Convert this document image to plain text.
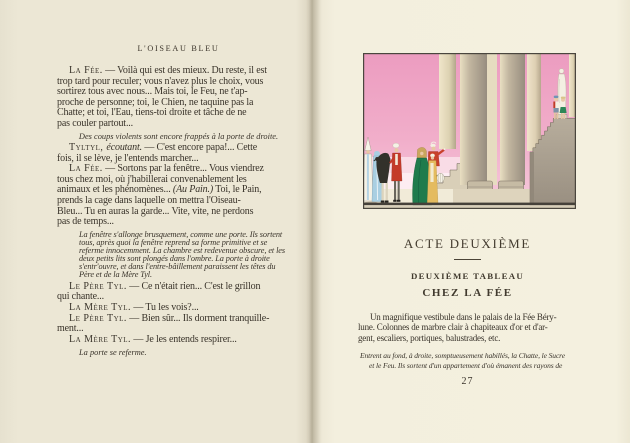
L'OISEAU BLEU

La Fée. — Voilà qui est des mieux. Du reste, il est
trop tard pour reculer; vous n'avez plus le choix, vous
sortirez tous avec nous... Mais toi, le Feu, ne t'ap-
proche de personne; toi, le Chien, ne taquine pas la
Chatte; et toi, l'Eau, tiens-toi droite et tâche de ne
pas couler partout...

Des coups violents sont encore frappés à la porte de droite.

Tyltyl, écoutant. — C'est encore papa!... Cette
fois, il se lève, je l'entends marcher...

La Fée. — Sortons par la fenêtre... Vous viendrez
tous chez moi, où j'habillerai convenablement les
animaux et les phénomènes... (Au Pain.) Toi, le Pain,
prends la cage dans laquelle on mettra l'Oiseau-
Bleu... Tu en auras la garde... Vite, vite, ne perdons
pas de temps...

La fenêtre s'allonge brusquement, comme une porte. Ils sortent
tous, après quoi la fenêtre reprend sa forme primitive et se
referme innocemment. La chambre est redevenue obscure, et les
deux petits lits sont plongés dans l'ombre. La porte à droite
s'entr'ouvre, et dans l'entre-bâillement paraissent les têtes du
Père et de la Mère Tyl.

Le Père Tyl. — Ce n'était rien... C'est le grillon
qui chante...

La Mère Tyl. — Tu les vois?...

Le Père Tyl. — Bien sûr... Ils dorment tranquille-
ment...

La Mère Tyl. — Je les entends respirer...

La porte se referme.

ACTE DEUXIÈME
DEUXIÈME TABLEAU
CHEZ LA FÉE

Un magnifique vestibule dans le palais de la Fée Béry-
lune. Colonnes de marbre clair à chapiteaux d'or et d'ar-
gent, escaliers, portiques, balustrades, etc.

Entrent au fond, à droite, somptueusement habillés, la Chatte, le Sucre
et le Feu. Ils sortent d'un appartement d'où émanent des rayons de

27
